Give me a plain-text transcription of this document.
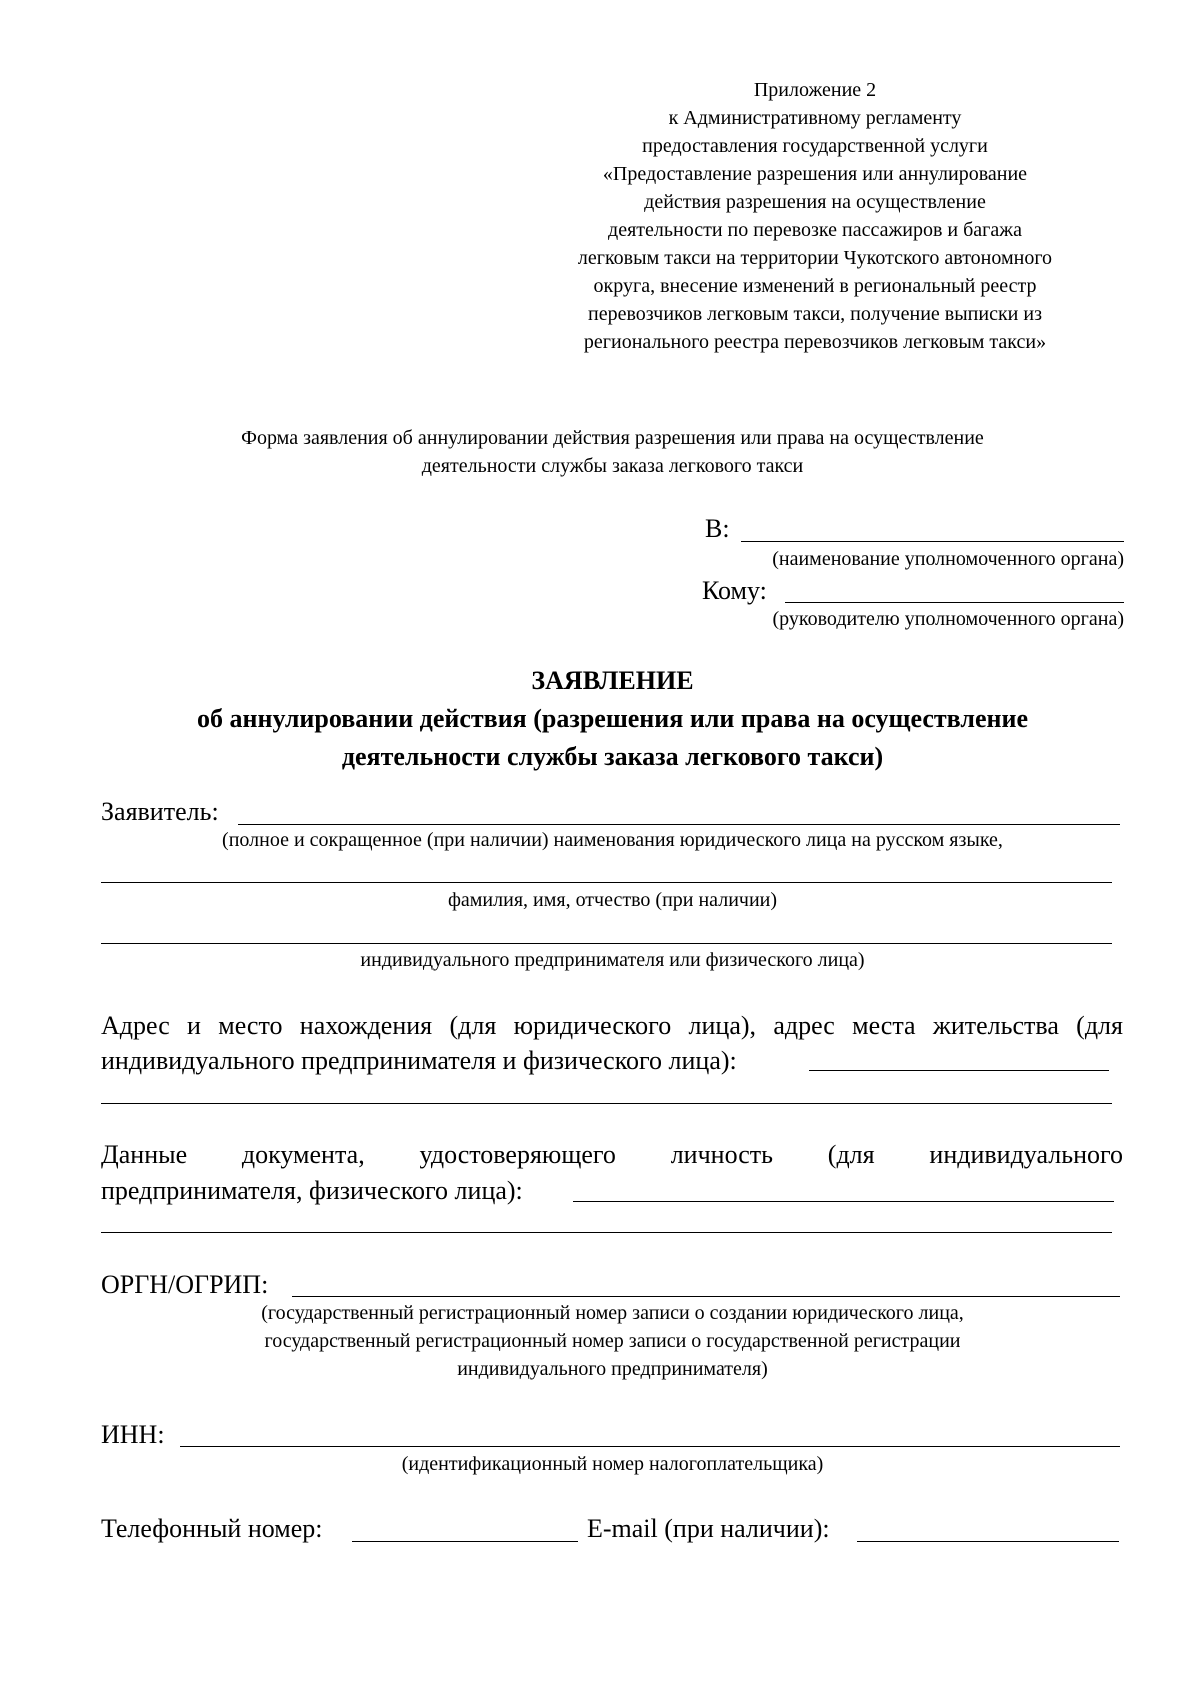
Приложение 2
к Административному регламенту
предоставления государственной услуги
«Предоставление разрешения или аннулирование
действия разрешения на осуществление
деятельности по перевозке пассажиров и багажа
легковым такси на территории Чукотского автономного
округа, внесение изменений в региональный реестр
перевозчиков легковым такси, получение выписки из
регионального реестра перевозчиков легковым такси»
Форма заявления об аннулировании действия разрешения или права на осуществление
деятельности службы заказа легкового такси
В:
(наименование уполномоченного органа)
Кому:
(руководителю уполномоченного органа)
ЗАЯВЛЕНИЕ
об аннулировании действия (разрешения или права на осуществление
деятельности службы заказа легкового такси)
Заявитель:
(полное и сокращенное (при наличии) наименования юридического лица на русском языке,
фамилия, имя, отчество (при наличии)
индивидуального предпринимателя или физического лица)
Адрес и место нахождения (для юридического лица), адрес места жительства (для
индивидуального предпринимателя и физического лица):
Данные документа, удостоверяющего личность (для индивидуального
предпринимателя, физического лица):
ОРГН/ОГРИП:
(государственный регистрационный номер записи о создании юридического лица,
государственный регистрационный номер записи о государственной регистрации
индивидуального предпринимателя)
ИНН:
(идентификационный номер налогоплательщика)
Телефонный номер:	E-mail (при наличии):
